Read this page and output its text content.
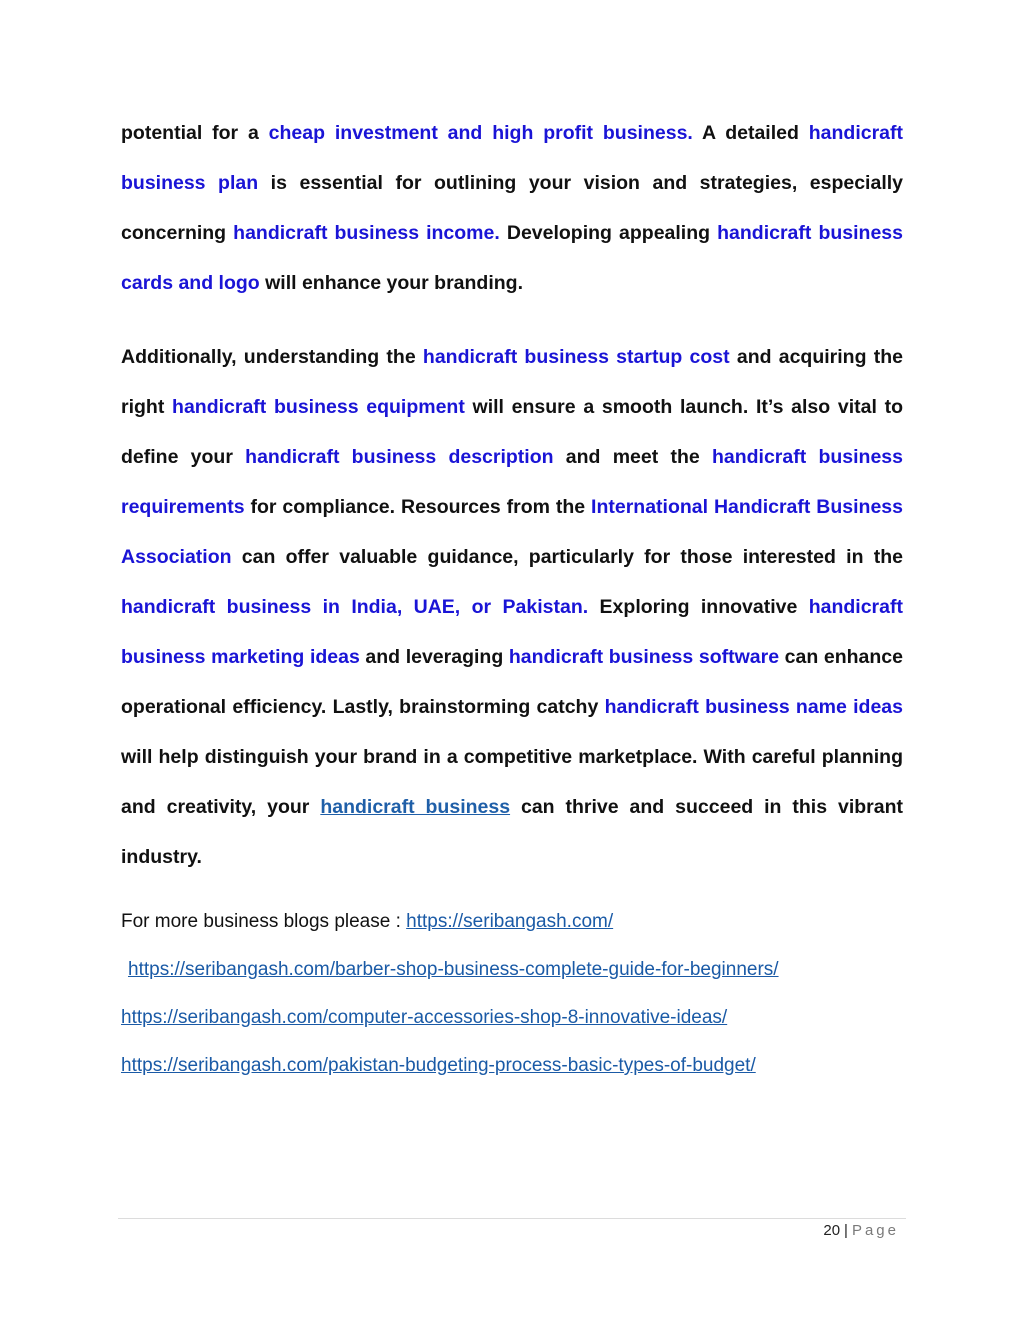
potential for a cheap investment and high profit business. A detailed handicraft business plan is essential for outlining your vision and strategies, especially concerning handicraft business income. Developing appealing handicraft business cards and logo will enhance your branding.

Additionally, understanding the handicraft business startup cost and acquiring the right handicraft business equipment will ensure a smooth launch. It’s also vital to define your handicraft business description and meet the handicraft business requirements for compliance. Resources from the International Handicraft Business Association can offer valuable guidance, particularly for those interested in the handicraft business in India, UAE, or Pakistan. Exploring innovative handicraft business marketing ideas and leveraging handicraft business software can enhance operational efficiency. Lastly, brainstorming catchy handicraft business name ideas will help distinguish your brand in a competitive marketplace. With careful planning and creativity, your handicraft business can thrive and succeed in this vibrant industry.

For more business blogs please : https://seribangash.com/
https://seribangash.com/barber-shop-business-complete-guide-for-beginners/
https://seribangash.com/computer-accessories-shop-8-innovative-ideas/
https://seribangash.com/pakistan-budgeting-process-basic-types-of-budget/
20 | Page
